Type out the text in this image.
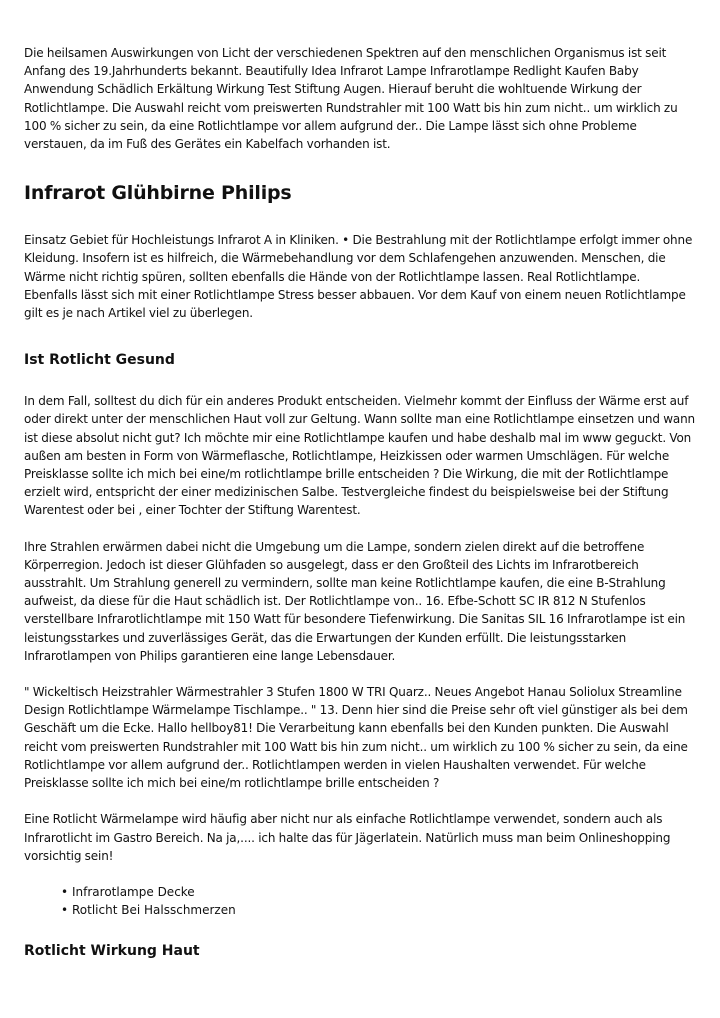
Die heilsamen Auswirkungen von Licht der verschiedenen Spektren auf den menschlichen Organismus ist seit Anfang des 19.Jahrhunderts bekannt. Beautifully Idea Infrarot Lampe Infrarotlampe Redlight Kaufen Baby Anwendung Schädlich Erkältung Wirkung Test Stiftung Augen. Hierauf beruht die wohltuende Wirkung der Rotlichtlampe. Die Auswahl reicht vom preiswerten Rundstrahler mit 100 Watt bis hin zum nicht.. um wirklich zu 100 % sicher zu sein, da eine Rotlichtlampe vor allem aufgrund der.. Die Lampe lässt sich ohne Probleme verstauen, da im Fuß des Gerätes ein Kabelfach vorhanden ist.

Infrarot Glühbirne Philips

Einsatz Gebiet für Hochleistungs Infrarot A in Kliniken. • Die Bestrahlung mit der Rotlichtlampe erfolgt immer ohne Kleidung. Insofern ist es hilfreich, die Wärmebehandlung vor dem Schlafengehen anzuwenden. Menschen, die Wärme nicht richtig spüren, sollten ebenfalls die Hände von der Rotlichtlampe lassen. Real Rotlichtlampe. Ebenfalls lässt sich mit einer Rotlichtlampe Stress besser abbauen. Vor dem Kauf von einem neuen Rotlichtlampe gilt es je nach Artikel viel zu überlegen.

Ist Rotlicht Gesund

In dem Fall, solltest du dich für ein anderes Produkt entscheiden. Vielmehr kommt der Einfluss der Wärme erst auf oder direkt unter der menschlichen Haut voll zur Geltung. Wann sollte man eine Rotlichtlampe einsetzen und wann ist diese absolut nicht gut? Ich möchte mir eine Rotlichtlampe kaufen und habe deshalb mal im www geguckt. Von außen am besten in Form von Wärmeflasche, Rotlichtlampe, Heizkissen oder warmen Umschlägen. Für welche Preisklasse sollte ich mich bei eine/m rotlichtlampe brille entscheiden ? Die Wirkung, die mit der Rotlichtlampe erzielt wird, entspricht der einer medizinischen Salbe. Testvergleiche findest du beispielsweise bei der Stiftung Warentest oder bei , einer Tochter der Stiftung Warentest.

Ihre Strahlen erwärmen dabei nicht die Umgebung um die Lampe, sondern zielen direkt auf die betroffene Körperregion. Jedoch ist dieser Glühfaden so ausgelegt, dass er den Großteil des Lichts im Infrarotbereich ausstrahlt. Um Strahlung generell zu vermindern, sollte man keine Rotlichtlampe kaufen, die eine B-Strahlung aufweist, da diese für die Haut schädlich ist. Der Rotlichtlampe von.. 16. Efbe-Schott SC IR 812 N Stufenlos verstellbare Infrarotlichtlampe mit 150 Watt für besondere Tiefenwirkung. Die Sanitas SIL 16 Infrarotlampe ist ein leistungsstarkes und zuverlässiges Gerät, das die Erwartungen der Kunden erfüllt. Die leistungsstarken Infrarotlampen von Philips garantieren eine lange Lebensdauer.

" Wickeltisch Heizstrahler Wärmestrahler 3 Stufen 1800 W TRI Quarz.. Neues Angebot Hanau Soliolux Streamline Design Rotlichtlampe Wärmelampe Tischlampe.. " 13. Denn hier sind die Preise sehr oft viel günstiger als bei dem Geschäft um die Ecke. Hallo hellboy81! Die Verarbeitung kann ebenfalls bei den Kunden punkten. Die Auswahl reicht vom preiswerten Rundstrahler mit 100 Watt bis hin zum nicht.. um wirklich zu 100 % sicher zu sein, da eine Rotlichtlampe vor allem aufgrund der.. Rotlichtlampen werden in vielen Haushalten verwendet. Für welche Preisklasse sollte ich mich bei eine/m rotlichtlampe brille entscheiden ?

Eine Rotlicht Wärmelampe wird häufig aber nicht nur als einfache Rotlichtlampe verwendet, sondern auch als Infrarotlicht im Gastro Bereich. Na ja,.... ich halte das für Jägerlatein. Natürlich muss man beim Onlineshopping vorsichtig sein!

• Infrarotlampe Decke
• Rotlicht Bei Halsschmerzen
Rotlicht Wirkung Haut
